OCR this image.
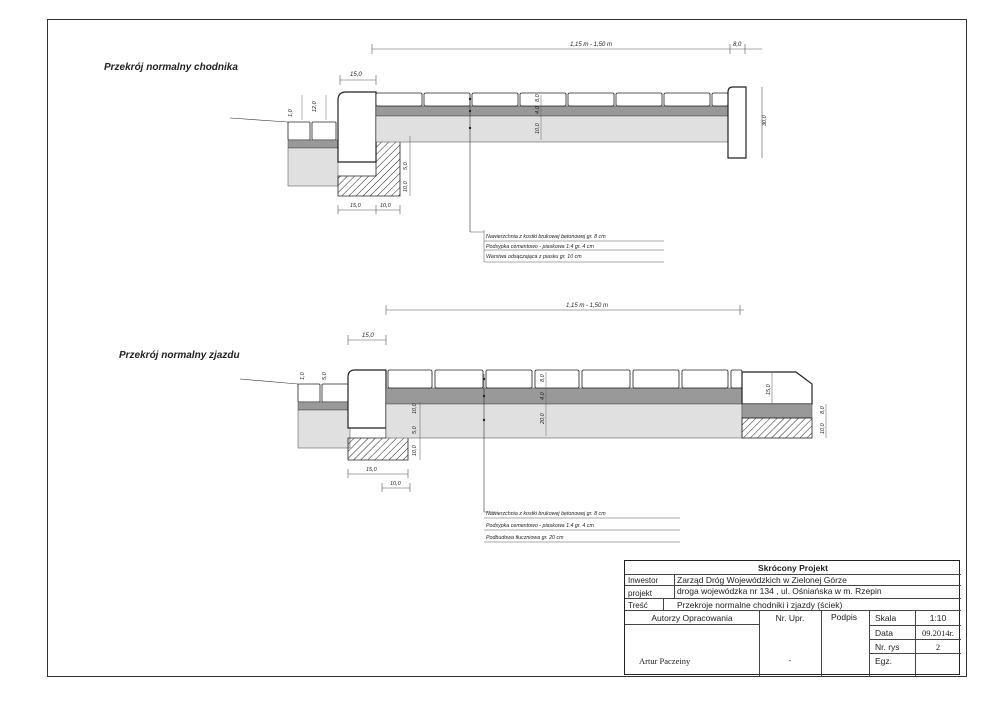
Przekrój normalny chodnika
Przekrój normalny zjazdu
1,15 m - 1,50 m	8,0
15,0
1,0
12,0
8,0
4,0
10,0
30,0
5,0
10,0
15,0	10,0
Nawierzchnia z kostki brukowej betonowej gr. 8 cm
Podsypka cementowo - piaskowa 1:4 gr. 4 cm
Warstwa odsączająca z piasku gr. 10 cm
1,15 m - 1,50 m
15,0
1,0	5,0	8,0
4,0
20,0
15,0
8,0
10,0
10,0
5,0
10,0
15,0
10,0
Nawierzchnia z kostki brukowej betonowej gr. 8 cm
Podsypka cementowo - piaskowa 1:4 gr. 4 cm
Podbudowa tłuczniowa gr. 20 cm
Skrócony Projekt
Inwestor Zarząd Dróg Wojewódzkich w Zielonej Górze
projekt	droga wojewódzka nr 134 , ul. Ośniańska w m. Rzepin
Treść	Przekroje normalne chodniki i zjazdy (ściek)
Autorzy Opracowania	Nr. Upr.	Podpis	Skala	1:10
Data	09.2014r.
Nr. rys	2
Egz.
Artur Paczeiny	-
